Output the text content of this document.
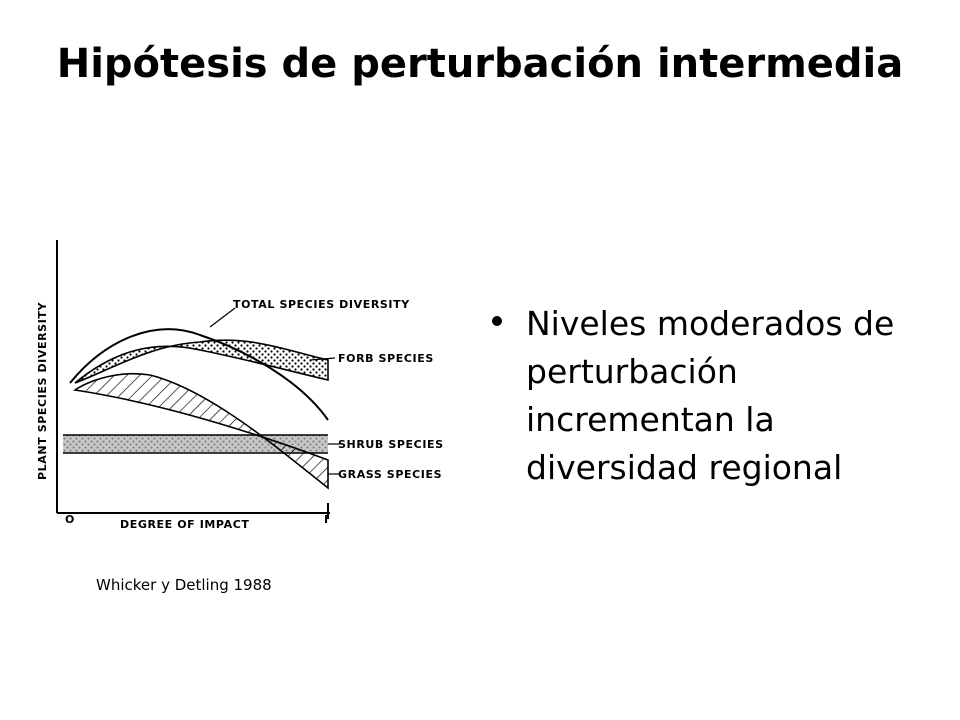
Hipótesis de perturbación intermedia
TOTAL SPECIES DIVERSITY
FORB SPECIES
SHRUB SPECIES
GRASS SPECIES
PLANT SPECIES DIVERSITY
DEGREE OF IMPACT
O	I
Niveles moderados de perturbación incrementan la diversidad regional
Whicker y Detling 1988
